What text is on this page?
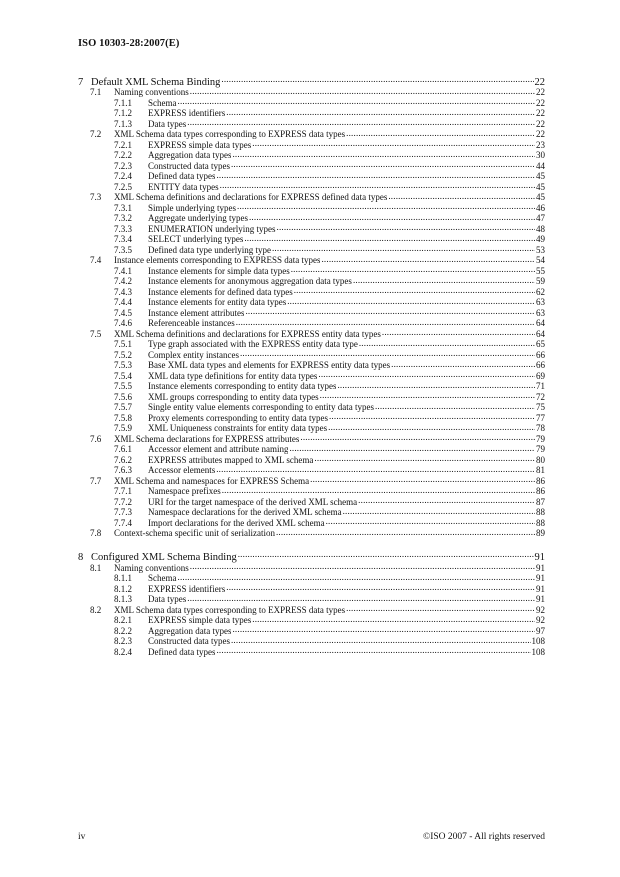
ISO 10303-28:2007(E)
7 Default XML Schema Binding .....	22
7.1	Naming conventions .....	22
7.1.1	Schema .....	22
7.1.2	EXPRESS identifiers .....	22
7.1.3	Data types .....	22
7.2	XML Schema data types corresponding to EXPRESS data types .....	22
7.2.1	EXPRESS simple data types .....	23
7.2.2	Aggregation data types .....	30
7.2.3	Constructed data types .....	44
7.2.4	Defined data types .....	45
7.2.5	ENTITY data types .....	45
7.3	XML Schema definitions and declarations for EXPRESS defined data types .....	45
7.3.1	Simple underlying types .....	46
7.3.2	Aggregate underlying types .....	47
7.3.3	ENUMERATION underlying types .....	48
7.3.4	SELECT underlying types .....	49
7.3.5	Defined data type underlying type .....	53
7.4	Instance elements corresponding to EXPRESS data types .....	54
7.4.1	Instance elements for simple data types .....	55
7.4.2	Instance elements for anonymous aggregation data types .....	59
7.4.3	Instance elements for defined data types .....	62
7.4.4	Instance elements for entity data types .....	63
7.4.5	Instance element attributes .....	63
7.4.6	Referenceable instances .....	64
7.5	XML Schema definitions and declarations for EXPRESS entity data types .....	64
7.5.1	Type graph associated with the EXPRESS entity data type .....	65
7.5.2	Complex entity instances .....	66
7.5.3	Base XML data types and elements for EXPRESS entity data types .....	66
7.5.4	XML data type definitions for entity data types .....	69
7.5.5	Instance elements corresponding to entity data types .....	71
7.5.6	XML groups corresponding to entity data types .....	72
7.5.7	Single entity value elements corresponding to entity data types .....	75
7.5.8	Proxy elements corresponding to entity data types .....	77
7.5.9	XML Uniqueness constraints for entity data types .....	78
7.6	XML Schema declarations for EXPRESS attributes .....	79
7.6.1	Accessor element and attribute naming .....	79
7.6.2	EXPRESS attributes mapped to XML schema .....	80
7.6.3	Accessor elements .....	81
7.7	XML Schema and namespaces for EXPRESS Schema .....	86
7.7.1	Namespace prefixes .....	86
7.7.2	URI for the target namespace of the derived XML schema .....	87
7.7.3	Namespace declarations for the derived XML schema .....	88
7.7.4	Import declarations for the derived XML schema .....	88
7.8	Context-schema specific unit of serialization .....	89
8 Configured XML Schema Binding .....	91
8.1	Naming conventions .....	91
8.1.1	Schema .....	91
8.1.2	EXPRESS identifiers .....	91
8.1.3	Data types .....	91
8.2	XML Schema data types corresponding to EXPRESS data types .....	92
8.2.1	EXPRESS simple data types .....	92
8.2.2	Aggregation data types .....	97
8.2.3	Constructed data types .....	108
8.2.4	Defined data types .....	108
iv	©ISO 2007 - All rights reserved
